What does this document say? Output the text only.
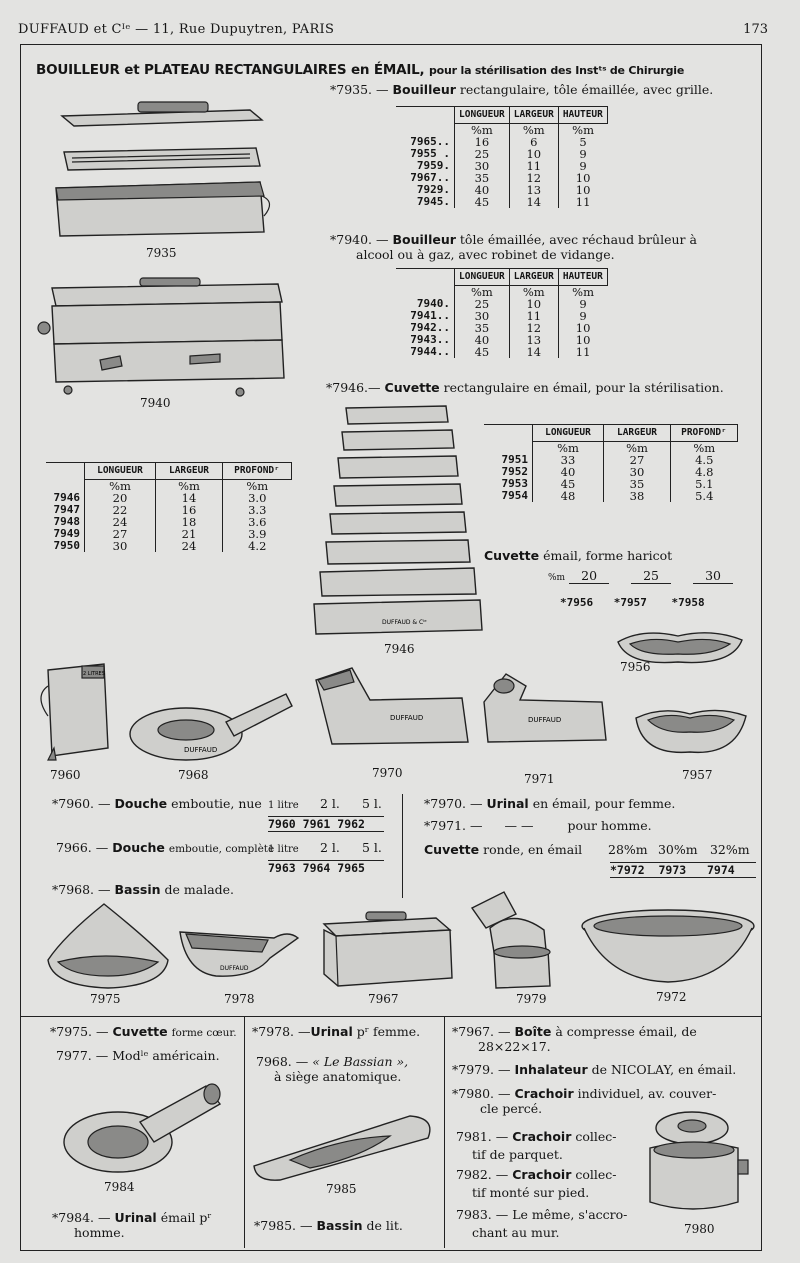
DUFFAUD et Cᴵᵉ — 11, Rue Dupuytren, PARIS	173
BOUILLEUR et PLATEAU RECTANGULAIRES en ÉMAIL, pour la stérilisation des Instᵗˢ de Chirurgie
*7935. — Bouilleur rectangulaire, tôle émaillée, avec grille.
	LONGUEUR	LARGEUR	HAUTEUR
	%m	%m	%m
7965..	16	6	5
7955 .	25	10	9
7959.	30	11	9
7967..	35	12	10
7929.	40	13	10
7945.	45	14	11
7935
*7940. — Bouilleur tôle émaillée, avec réchaud brûleur à
alcool ou à gaz, avec robinet de vidange.
	LONGUEUR	LARGEUR	HAUTEUR
	%m	%m	%m
7940.	25	10	9
7941..	30	11	9
7942..	35	12	10
7943..	40	13	10
7944..	45	14	11
7940
*7946.— Cuvette rectangulaire en émail, pour la stérilisation.
DUFFAUD & Cᴵᵉ
7946
	LONGUEUR	LARGEUR	PROFONDʳ
	%m	%m	%m
7951	33	27	4.5
7952	40	30	4.8
7953	45	35	5.1
7954	48	38	5.4
	LONGUEUR	LARGEUR	PROFONDʳ
	%m	%m	%m
7946	20	14	3.0
7947	22	16	3.3
7948	24	18	3.6
7949	27	21	3.9
7950	30	24	4.2
Cuvette émail, forme haricot
%m 20	25	30
*7956 *7957 *7958
7956
2 LITRES
7960
DUFFAUD
7968
DUFFAUD
7970
DUFFAUD
7971	7957
*7960. — Douche emboutie, nue 1 litre 2 l. 5 l.
7960 7961 7962
7966. — Douche emboutie, complète
1 litre 2 l. 5 l.
7963 7964 7965
*7968. — Bassin de malade.
*7970. — Urinal en émail, pour femme.
*7971. — — —	pour homme.
Cuvette ronde, en émail 28%m 30%m 32%m
*7972 7973 7974
7975
DUFFAUD
7978	7967	7979	7972
*7975. — Cuvette forme cœur.
7977. — Modˡᵉ américain.
7984
*7984. — Urinal émail pʳ
homme.
*7978. —Urinal pʳ femme.
7968. — « Le Bassian »,
à siège anatomique.
7985
*7985. — Bassin de lit.
*7967. — Boîte à compresse émail, de
28×22×17.
*7979. — Inhalateur de NICOLAY, en émail.
*7980. — Crachoir individuel, av. couver-
cle percé.
7981. — Crachoir collec-
tif de parquet.
7982. — Crachoir collec-
tif monté sur pied.
7983. — Le même, s'accro-
chant au mur.	7980
